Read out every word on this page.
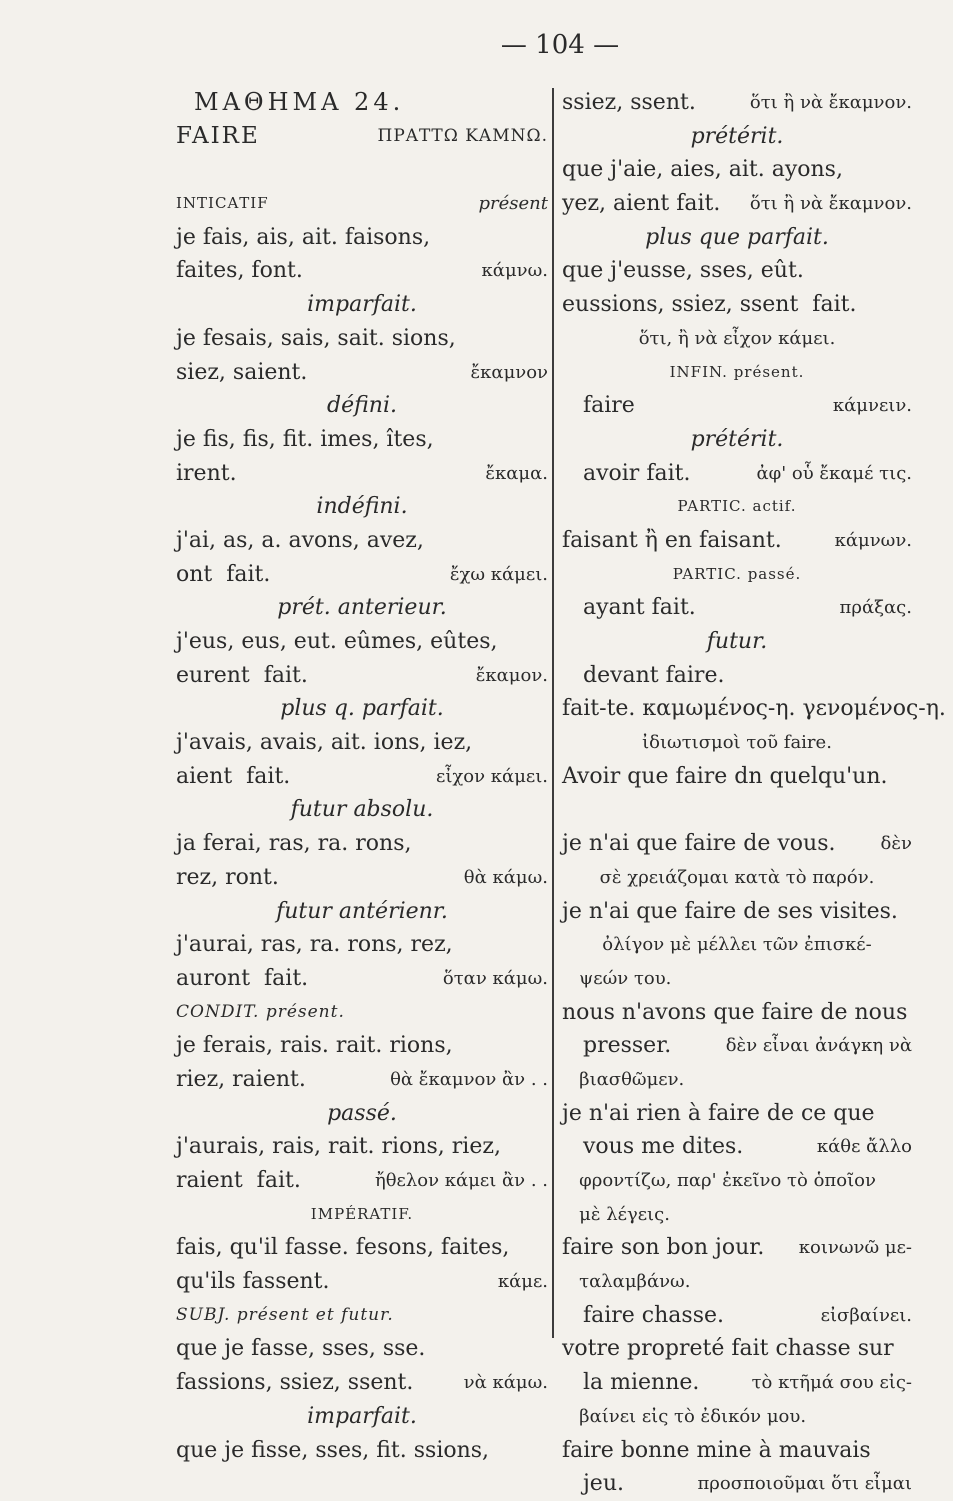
— 104 —
ΜΑΘΗΜΑ 24.
FAIRE	ΠΡΑΤΤΩ ΚΑΜΝΩ.
ΙΝΤΙCΑΤΙF	présent
je fais, ais, ait. faisons,
faites, font.	κάμνω.
imparfait.
je fesais, sais, sait. sions,
siez, saient.	ἔκαμνον
défini.
je fis, fis, fit. imes, îtes,
irent.	ἔκαμα.
indéfini.
j'ai, as, a. avons, avez,
ont  fait.	ἔχω κάμει.
prét. anterieur.
j'eus, eus, eut. eûmes, eûtes,
eurent  fait.	ἔκαμον.
plus q. parfait.
j'avais, avais, ait. ions, iez,
aient  fait.	εἶχον κάμει.
futur absolu.
ja ferai, ras, ra. rons,
rez, ront.	θὰ κάμω.
futur antérienr.
j'aurai, ras, ra. rons, rez,
auront  fait.	ὅταν κάμω.
CONDIT. présent.
je ferais, rais. rait. rions,
riez, raient.	θὰ ἔκαμνον ἂν . .
passé.
j'aurais, rais, rait. rions, riez,
raient  fait.	ἤθελον κάμει ἂν . .
IMPÉRATIF.
fais, qu'il fasse. fesons, faites,
qu'ils fassent.	κάμε.
SUBJ. présent et futur.
que je fasse, sses, sse.
fassions, ssiez, ssent.	νὰ κάμω.
imparfait.
que je fisse, sses, fit. ssions,
ssiez, ssent.	ὅτι ἢ νὰ ἔκαμνον.
prétérit.
que j'aie, aies, ait. ayons,
yez, aient fait. ὅτι ἢ νὰ ἔκαμνον.
plus que parfait.
que j'eusse, sses, eût.
eussions, ssiez, ssent  fait.
ὅτι, ἢ νὰ εἶχον κάμει.
INFIN. présent.
faire	κάμνειν.
prétérit.
avoir fait.	ἀφ' οὗ ἔκαμέ τις.
PARTIC. actif.
faisant ἢ en faisant.	κάμνων.
PARTIC. passé.
ayant fait.	πράξας.
futur.
devant faire.
fait-te. καμωμένος-η. γενομένος-η.
ἰδιωτισμοὶ τοῦ faire.
Avoir que faire dn quelqu'un.
je n'ai que faire de vous.	δὲν
σὲ χρειάζομαι κατὰ τὸ παρόν.
je n'ai que faire de ses visites.
ὀλίγον μὲ μέλλει τῶν ἐπισκέ-
ψεών του.
nous n'avons que faire de nous
presser.	δὲν εἶναι ἀνάγκη νὰ
βιασθῶμεν.
je n'ai rien à faire de ce que
vous me dites.	κάθε ἄλλο
φροντίζω, παρ' ἐκεῖνο τὸ ὁποῖον
μὲ λέγεις.
faire son bon jour. κοινωνῶ με-
ταλαμβάνω.
faire chasse.	εἰσβαίνει.
votre propreté fait chasse sur
la mienne.	τὸ κτῆμά σου εἰς-
βαίνει εἰς τὸ ἐδικόν μου.
faire bonne mine à mauvais
jeu.	προσποιοῦμαι ὅτι εἶμαι
